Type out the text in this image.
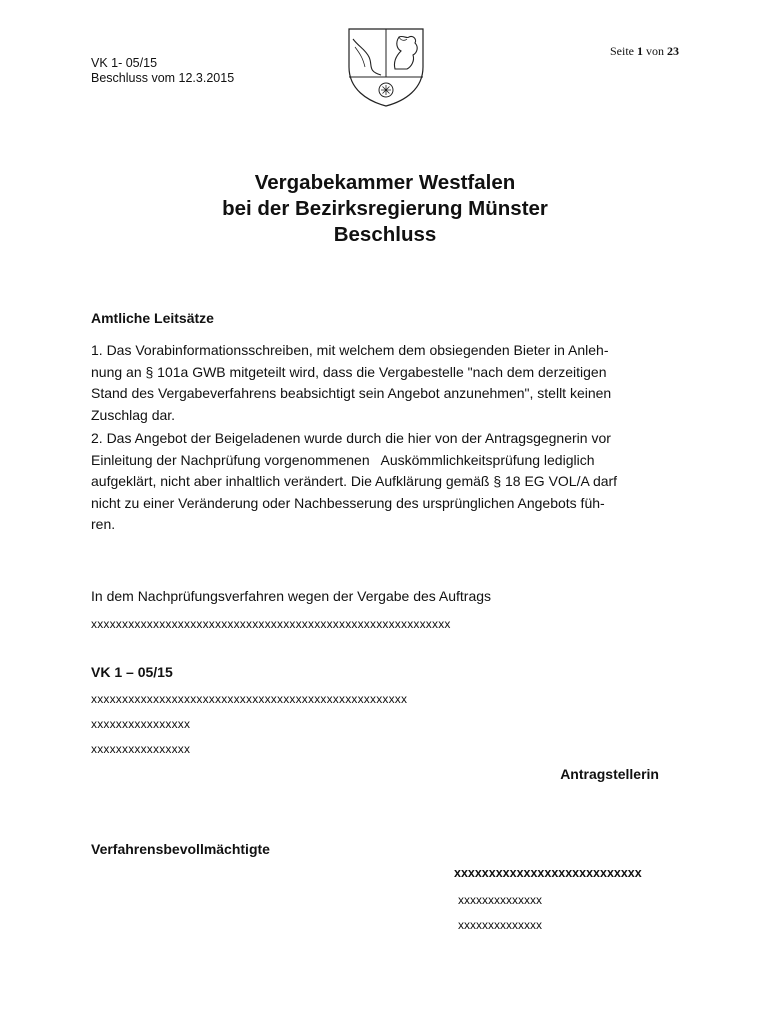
VK 1- 05/15
Beschluss vom 12.3.2015
Seite 1 von 23
Vergabekammer Westfalen
bei der Bezirksregierung Münster
Beschluss
Amtliche Leitsätze
1. Das Vorabinformationsschreiben, mit welchem dem obsiegenden Bieter in Anleh-
nung an § 101a GWB mitgeteilt wird, dass die Vergabestelle "nach dem derzeitigen
Stand des Vergabeverfahrens beabsichtigt sein Angebot anzunehmen", stellt keinen
Zuschlag dar.
2. Das Angebot der Beigeladenen wurde durch die hier von der Antragsgegnerin vor
Einleitung der Nachprüfung vorgenommenen   Auskömmlichkeitsprüfung lediglich
aufgeklärt, nicht aber inhaltlich verändert. Die Aufklärung gemäß § 18 EG VOL/A darf
nicht zu einer Veränderung oder Nachbesserung des ursprünglichen Angebots füh-
ren.
In dem Nachprüfungsverfahren wegen der Vergabe des Auftrags
xxxxxxxxxxxxxxxxxxxxxxxxxxxxxxxxxxxxxxxxxxxxxxxxxxxxxxxxxx
VK 1 – 05/15
xxxxxxxxxxxxxxxxxxxxxxxxxxxxxxxxxxxxxxxxxxxxxxxxxxx
xxxxxxxxxxxxxxxx
xxxxxxxxxxxxxxxx
Antragstellerin
Verfahrensbevollmächtigte
xxxxxxxxxxxxxxxxxxxxxxxxxxx
xxxxxxxxxxxxxx
xxxxxxxxxxxxxx
